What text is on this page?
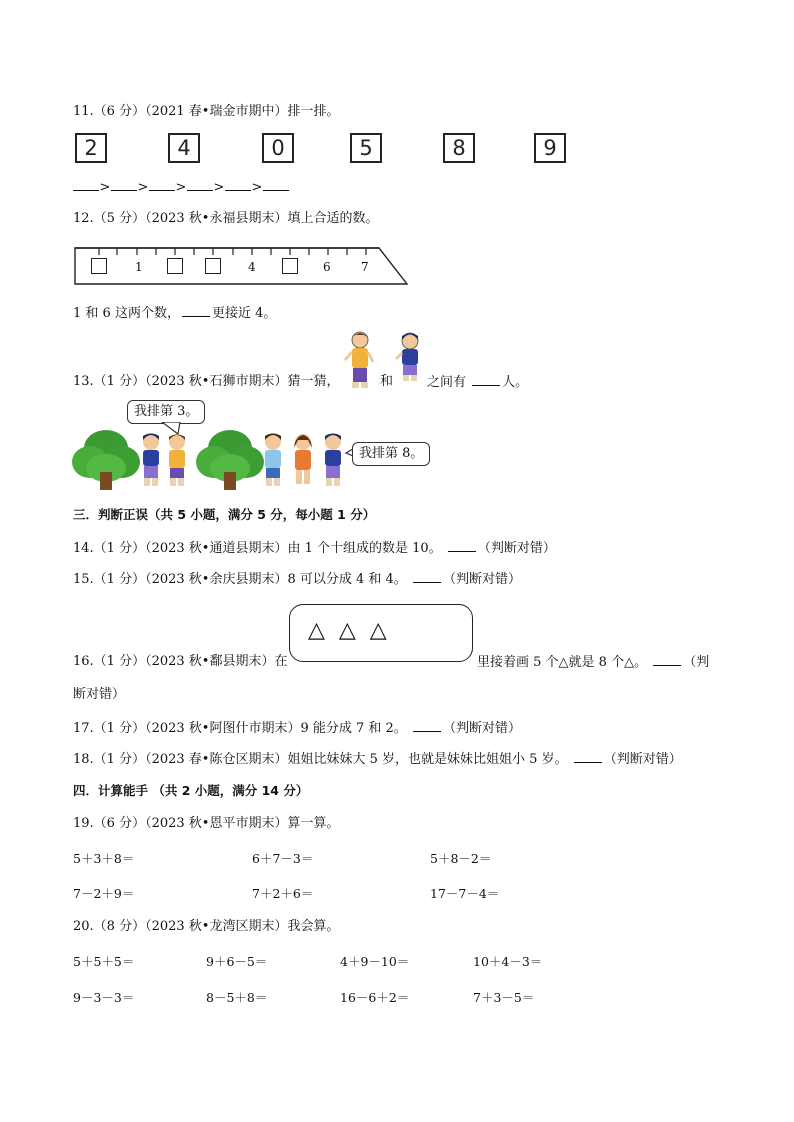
11.（6 分）（2021 春•瑞金市期中）排一排。
2	4	0	5	8	9
> > > > >
12.（5 分）（2023 秋•永福县期末）填上合适的数。
1	4	6	7
1 和 6 这两个数， 更接近 4。
13.（1 分）（2023 秋•石狮市期末）猜一猜，	和	之间有	人。
我排第 3。
我排第 8。
三．判断正误（共 5 小题，满分 5 分，每小题 1 分）
14.（1 分）（2023 秋•通道县期末）由 1 个十组成的数是 10。	（判断对错）
15.（1 分）（2023 秋•余庆县期末）8 可以分成 4 和 4。	（判断对错）
16.（1 分）（2023 秋•鄱县期末）在
△  △  △
里接着画 5 个△就是 8 个△。	（判
断对错）
17.（1 分）（2023 秋•阿图什市期末）9 能分成 7 和 2。	（判断对错）
18.（1 分）（2023 春•陈仓区期末）姐姐比妹妹大 5 岁，也就是妹妹比姐姐小 5 岁。	（判断对错）
四．计算能手 （共 2 小题，满分 14 分）
19.（6 分）（2023 秋•恩平市期末）算一算。
5＋3＋8＝	6＋7－3＝	5＋8－2＝
7－2＋9＝	7＋2＋6＝	17－7－4＝
20.（8 分）（2023 秋•龙湾区期末）我会算。
5＋5＋5＝	9＋6－5＝	4＋9－10＝	10＋4－3＝
9－3－3＝	8－5＋8＝	16－6＋2＝	7＋3－5＝
